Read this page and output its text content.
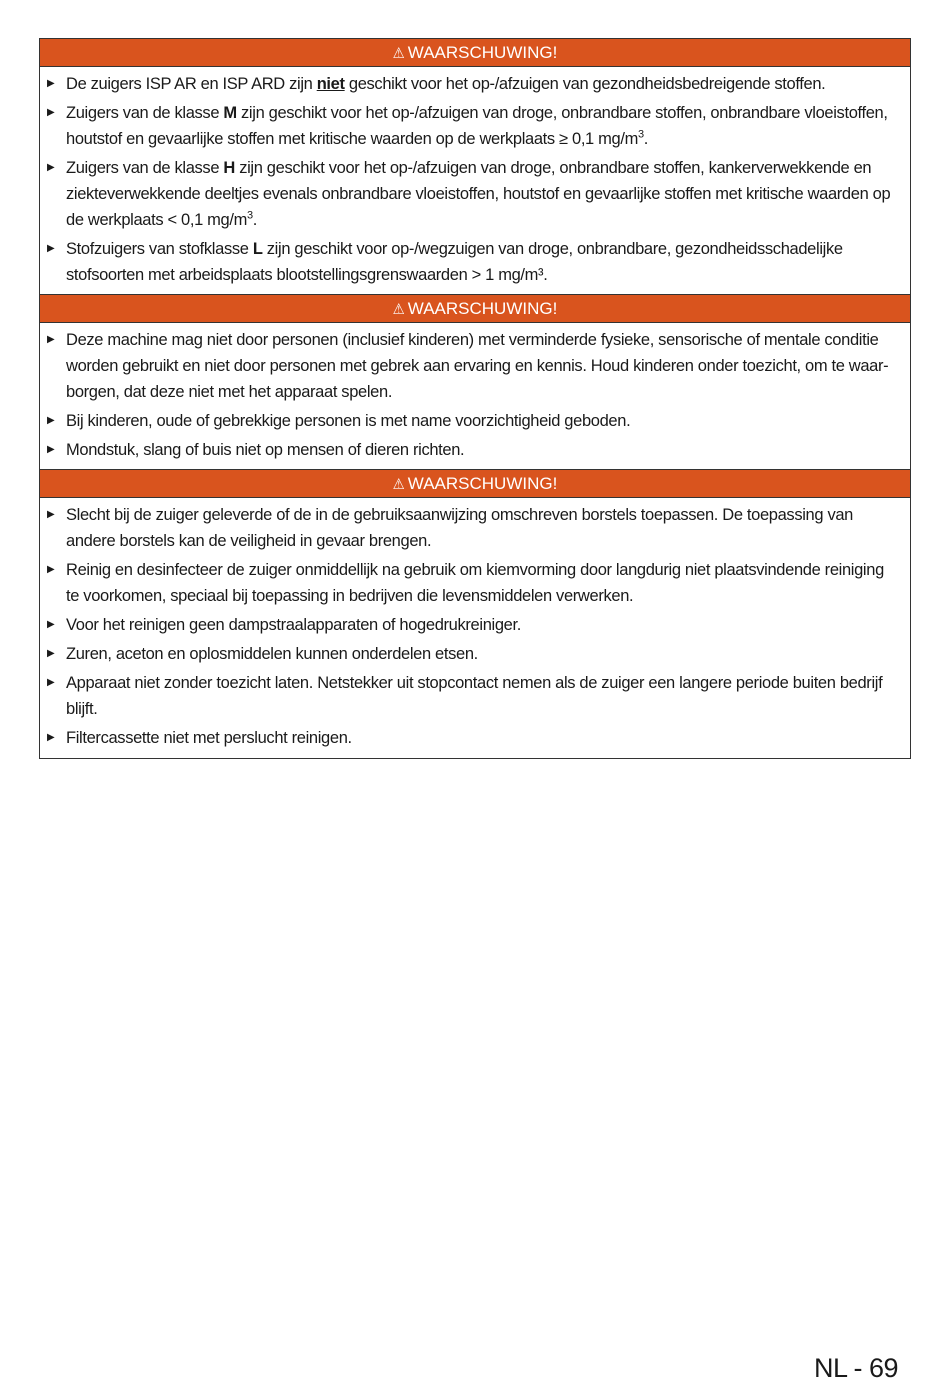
⚠ WAARSCHUWING!
▶ De zuigers ISP AR en ISP ARD zijn niet geschikt voor het op-/afzuigen van gezondheidsbedreigende stoffen.
▶ Zuigers van de klasse M zijn geschikt voor het op-/afzuigen van droge, onbrandbare stoffen, onbrandbare vloeistoffen, houtstof en gevaarlijke stoffen met kritische waarden op de werkplaats ≥ 0,1 $mg/m^3$.
▶ Zuigers van de klasse H zijn geschikt voor het op-/afzuigen van droge, onbrandbare stoffen, kankerverwekkende en ziekteverwekkende deeltjes evenals onbrandbare vloeistoffen, houtstof en gevaarlijke stoffen met kritische waarden op de werkplaats < 0,1 $mg/m^3$.
▶ Stofzuigers van stofklasse L zijn geschikt voor op-/wegzuigen van droge, onbrandbare, gezondheidsschadelijke stofsoorten met arbeidsplaats blootstellingsgrenswaarden > 1 mg/m³.
⚠ WAARSCHUWING!
▶ Deze machine mag niet door personen (inclusief kinderen) met verminderde fysieke, sensorische of mentale conditie worden gebruikt en niet door personen met gebrek aan ervaring en kennis. Houd kinderen onder toezicht, om te waar-borgen, dat deze niet met het apparaat spelen.
▶ Bij kinderen, oude of gebrekkige personen is met name voorzichtigheid geboden.
▶ Mondstuk, slang of buis niet op mensen of dieren richten.
⚠ WAARSCHUWING!
▶ Slecht bij de zuiger geleverde of de in de gebruiksaanwijzing omschreven borstels toepassen. De toepassing van andere borstels kan de veiligheid in gevaar brengen.
▶ Reinig en desinfecteer de zuiger onmiddellijk na gebruik om kiemvorming door langdurig niet plaatsvindende reiniging te voorkomen, speciaal bij toepassing in bedrijven die levensmiddelen verwerken.
▶ Voor het reinigen geen dampstraalapparaten of hogedrukreiniger.
▶ Zuren, aceton en oplosmiddelen kunnen onderdelen etsen.
▶ Apparaat niet zonder toezicht laten. Netstekker uit stopcontact nemen als de zuiger een langere periode buiten bedrijf blijft.
▶ Filtercassette niet met perslucht reinigen.
NL - 69
